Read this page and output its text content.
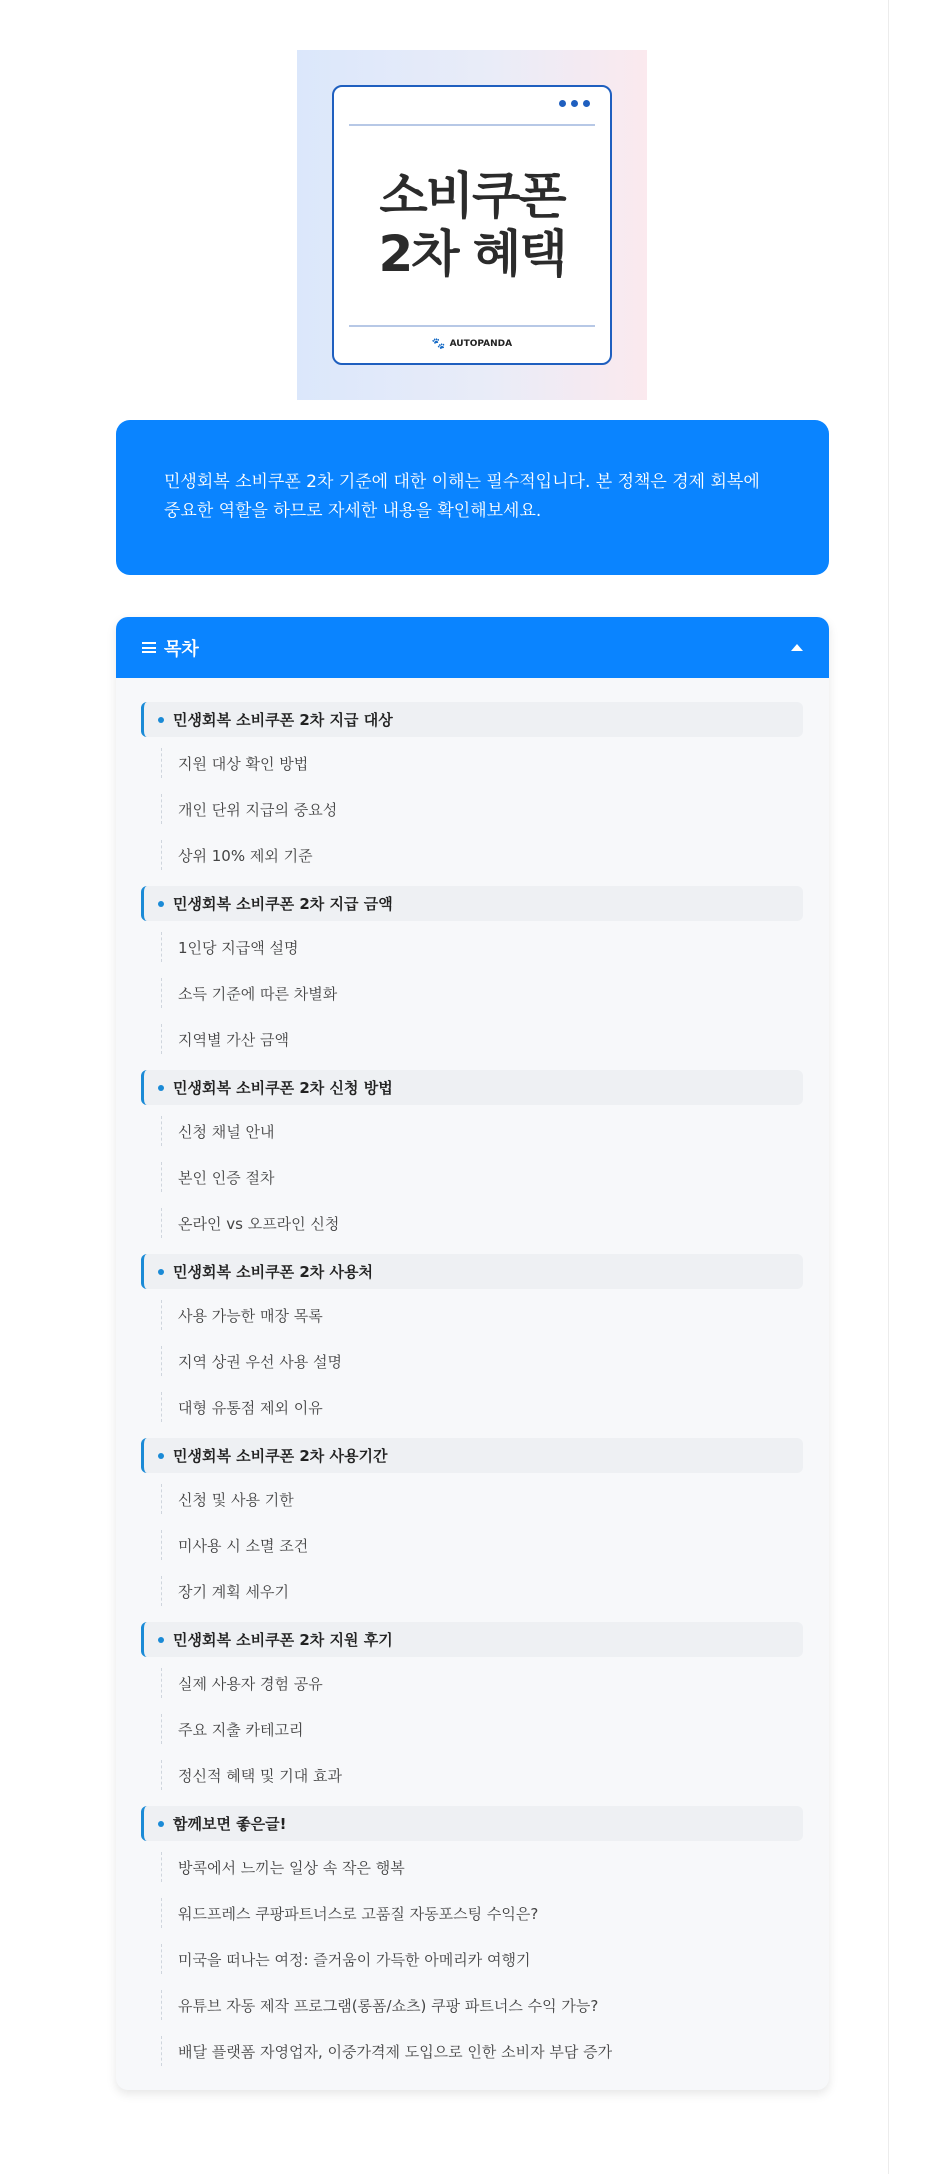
소비쿠폰
2차 혜택
🐾 AUTOPANDA
민생회복 소비쿠폰 2차 기준에 대한 이해는 필수적입니다. 본 정책은 경제 회복에 중요한 역할을 하므로 자세한 내용을 확인해보세요.
목차
민생회복 소비쿠폰 2차 지급 대상
지원 대상 확인 방법
개인 단위 지급의 중요성
상위 10% 제외 기준
민생회복 소비쿠폰 2차 지급 금액
1인당 지급액 설명
소득 기준에 따른 차별화
지역별 가산 금액
민생회복 소비쿠폰 2차 신청 방법
신청 채널 안내
본인 인증 절차
온라인 vs 오프라인 신청
민생회복 소비쿠폰 2차 사용처
사용 가능한 매장 목록
지역 상권 우선 사용 설명
대형 유통점 제외 이유
민생회복 소비쿠폰 2차 사용기간
신청 및 사용 기한
미사용 시 소멸 조건
장기 계획 세우기
민생회복 소비쿠폰 2차 지원 후기
실제 사용자 경험 공유
주요 지출 카테고리
정신적 혜택 및 기대 효과
함께보면 좋은글!
방콕에서 느끼는 일상 속 작은 행복
워드프레스 쿠팡파트너스로 고품질 자동포스팅 수익은?
미국을 떠나는 여정: 즐거움이 가득한 아메리카 여행기
유튜브 자동 제작 프로그램(롱폼/쇼츠) 쿠팡 파트너스 수익 가능?
배달 플랫폼 자영업자, 이중가격제 도입으로 인한 소비자 부담 증가
